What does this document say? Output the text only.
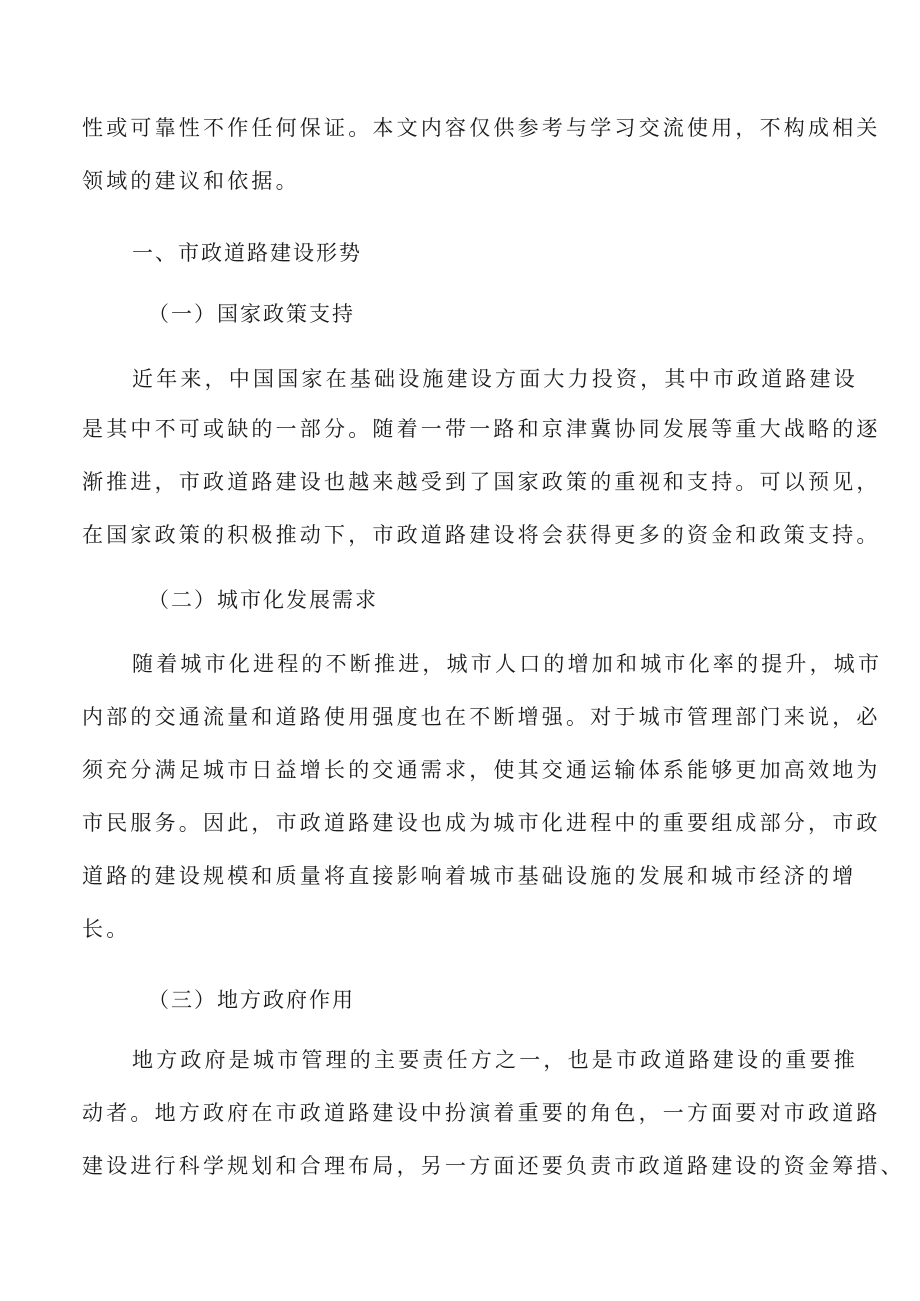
性或可靠性不作任何保证。本文内容仅供参考与学习交流使用，不构成相关
领域的建议和依据。
一、市政道路建设形势
（一）国家政策支持
近年来，中国国家在基础设施建设方面大力投资，其中市政道路建设
是其中不可或缺的一部分。随着一带一路和京津冀协同发展等重大战略的逐
渐推进，市政道路建设也越来越受到了国家政策的重视和支持。可以预见，
在国家政策的积极推动下，市政道路建设将会获得更多的资金和政策支持。
（二）城市化发展需求
随着城市化进程的不断推进，城市人口的增加和城市化率的提升，城市
内部的交通流量和道路使用强度也在不断增强。对于城市管理部门来说，必
须充分满足城市日益增长的交通需求，使其交通运输体系能够更加高效地为
市民服务。因此，市政道路建设也成为城市化进程中的重要组成部分，市政
道路的建设规模和质量将直接影响着城市基础设施的发展和城市经济的增
长。
（三）地方政府作用
地方政府是城市管理的主要责任方之一，也是市政道路建设的重要推
动者。地方政府在市政道路建设中扮演着重要的角色，一方面要对市政道路
建设进行科学规划和合理布局，另一方面还要负责市政道路建设的资金筹措、
